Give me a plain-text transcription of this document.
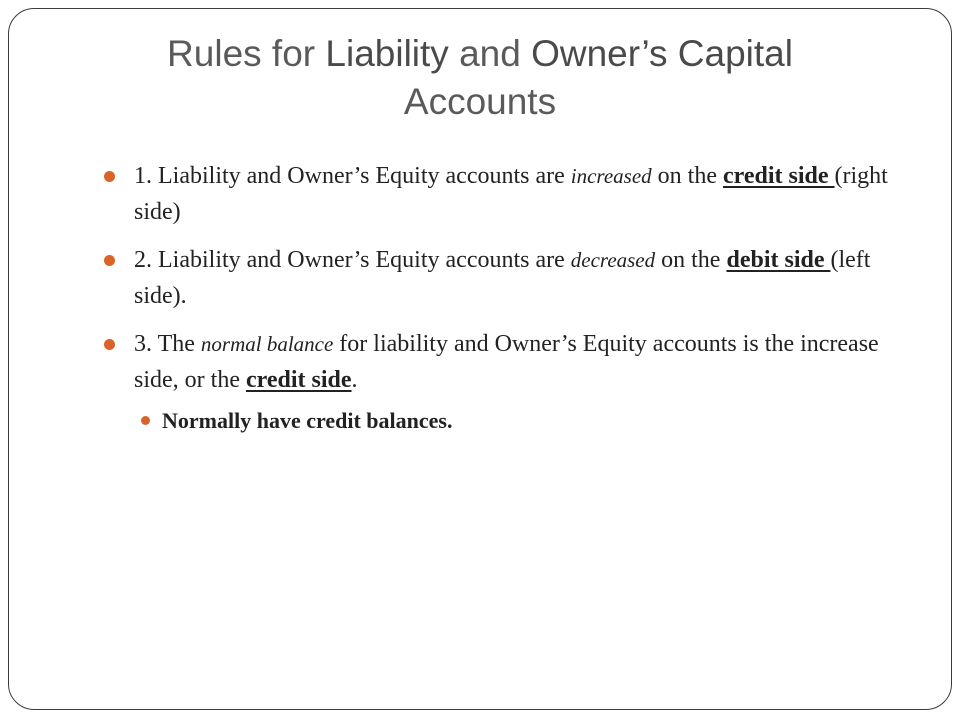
Rules for Liability and Owner’s Capital
Accounts
1. Liability and Owner’s Equity accounts are increased on the credit side (right side)
2. Liability and Owner’s Equity accounts are decreased on the debit side (left side).
3. The normal balance for liability and Owner’s Equity accounts is the increase side, or the credit side.
Normally have credit balances.
